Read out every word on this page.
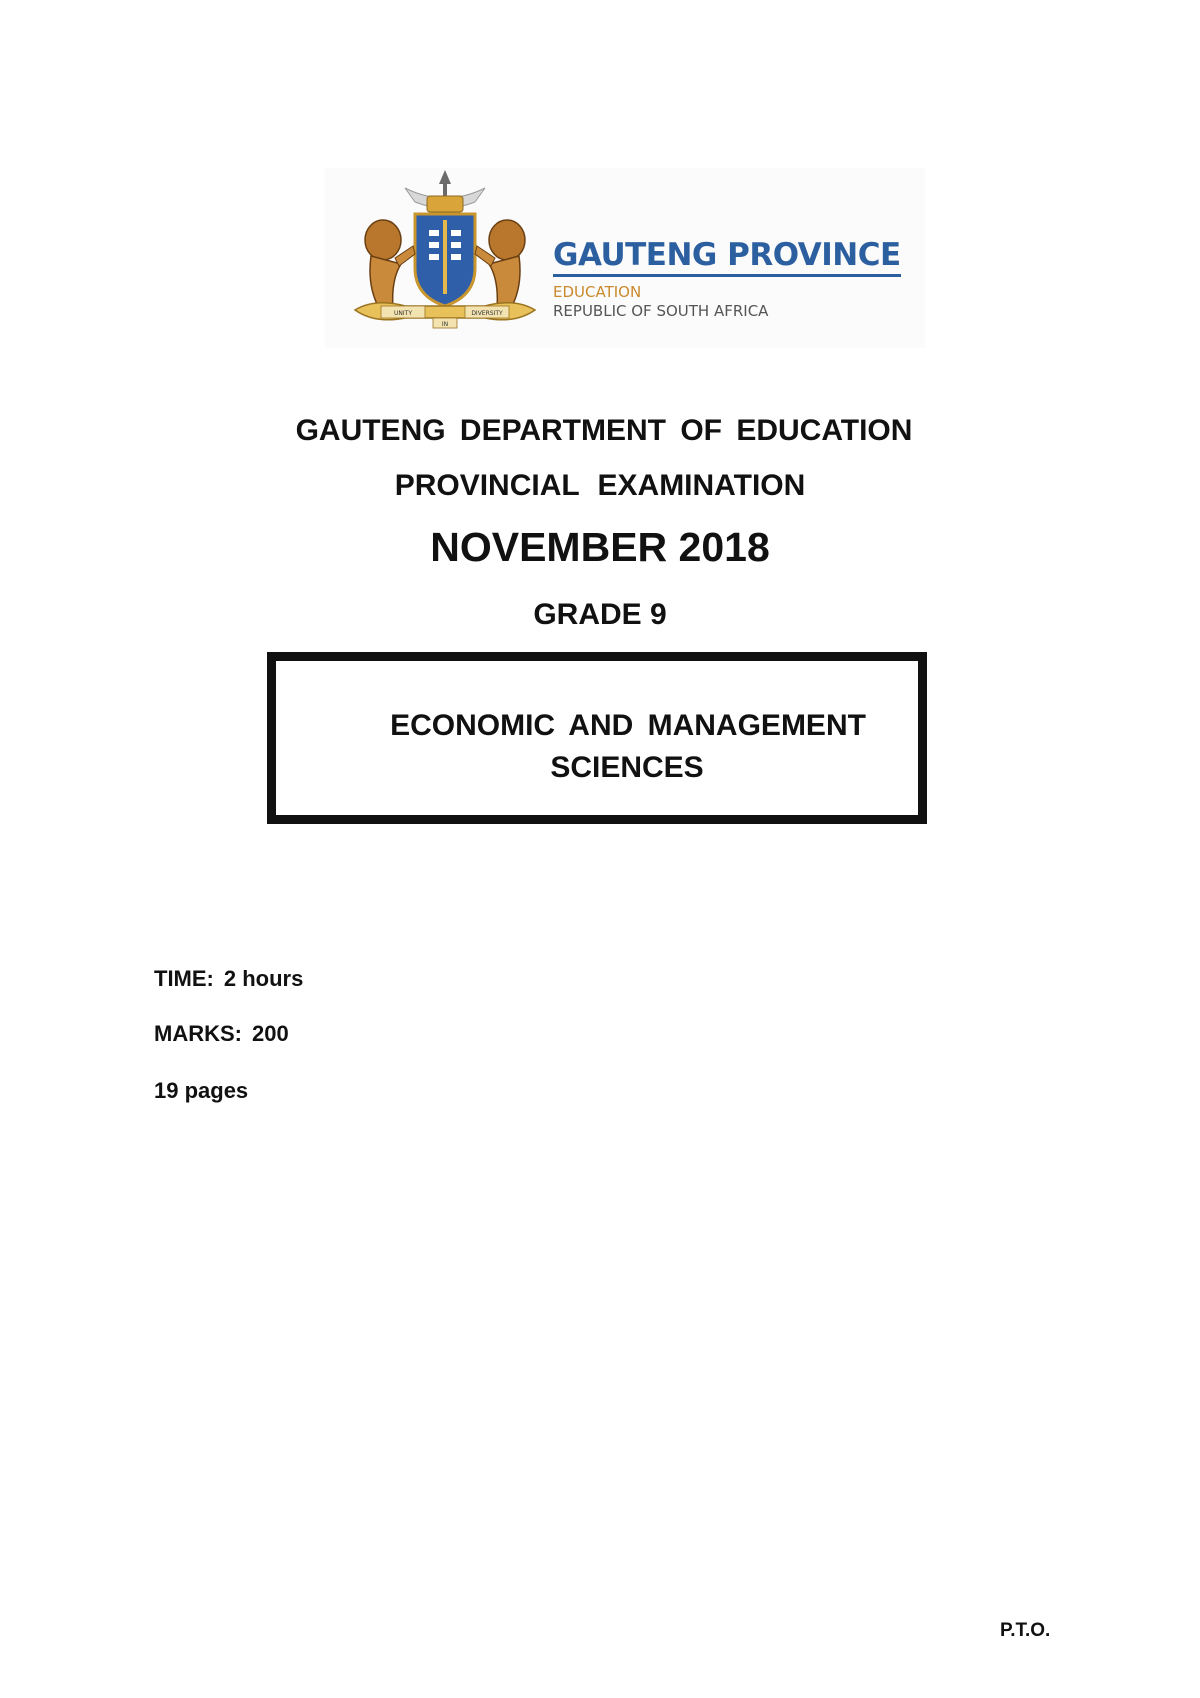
UNITY
IN
DIVERSITY
GAUTENG PROVINCE
EDUCATION
REPUBLIC OF SOUTH AFRICA
GAUTENG DEPARTMENT OF EDUCATION
PROVINCIAL EXAMINATION
NOVEMBER 2018
GRADE 9
ECONOMIC AND MANAGEMENT
SCIENCES
TIME: 2 hours
MARKS: 200
19 pages
P.T.O.
